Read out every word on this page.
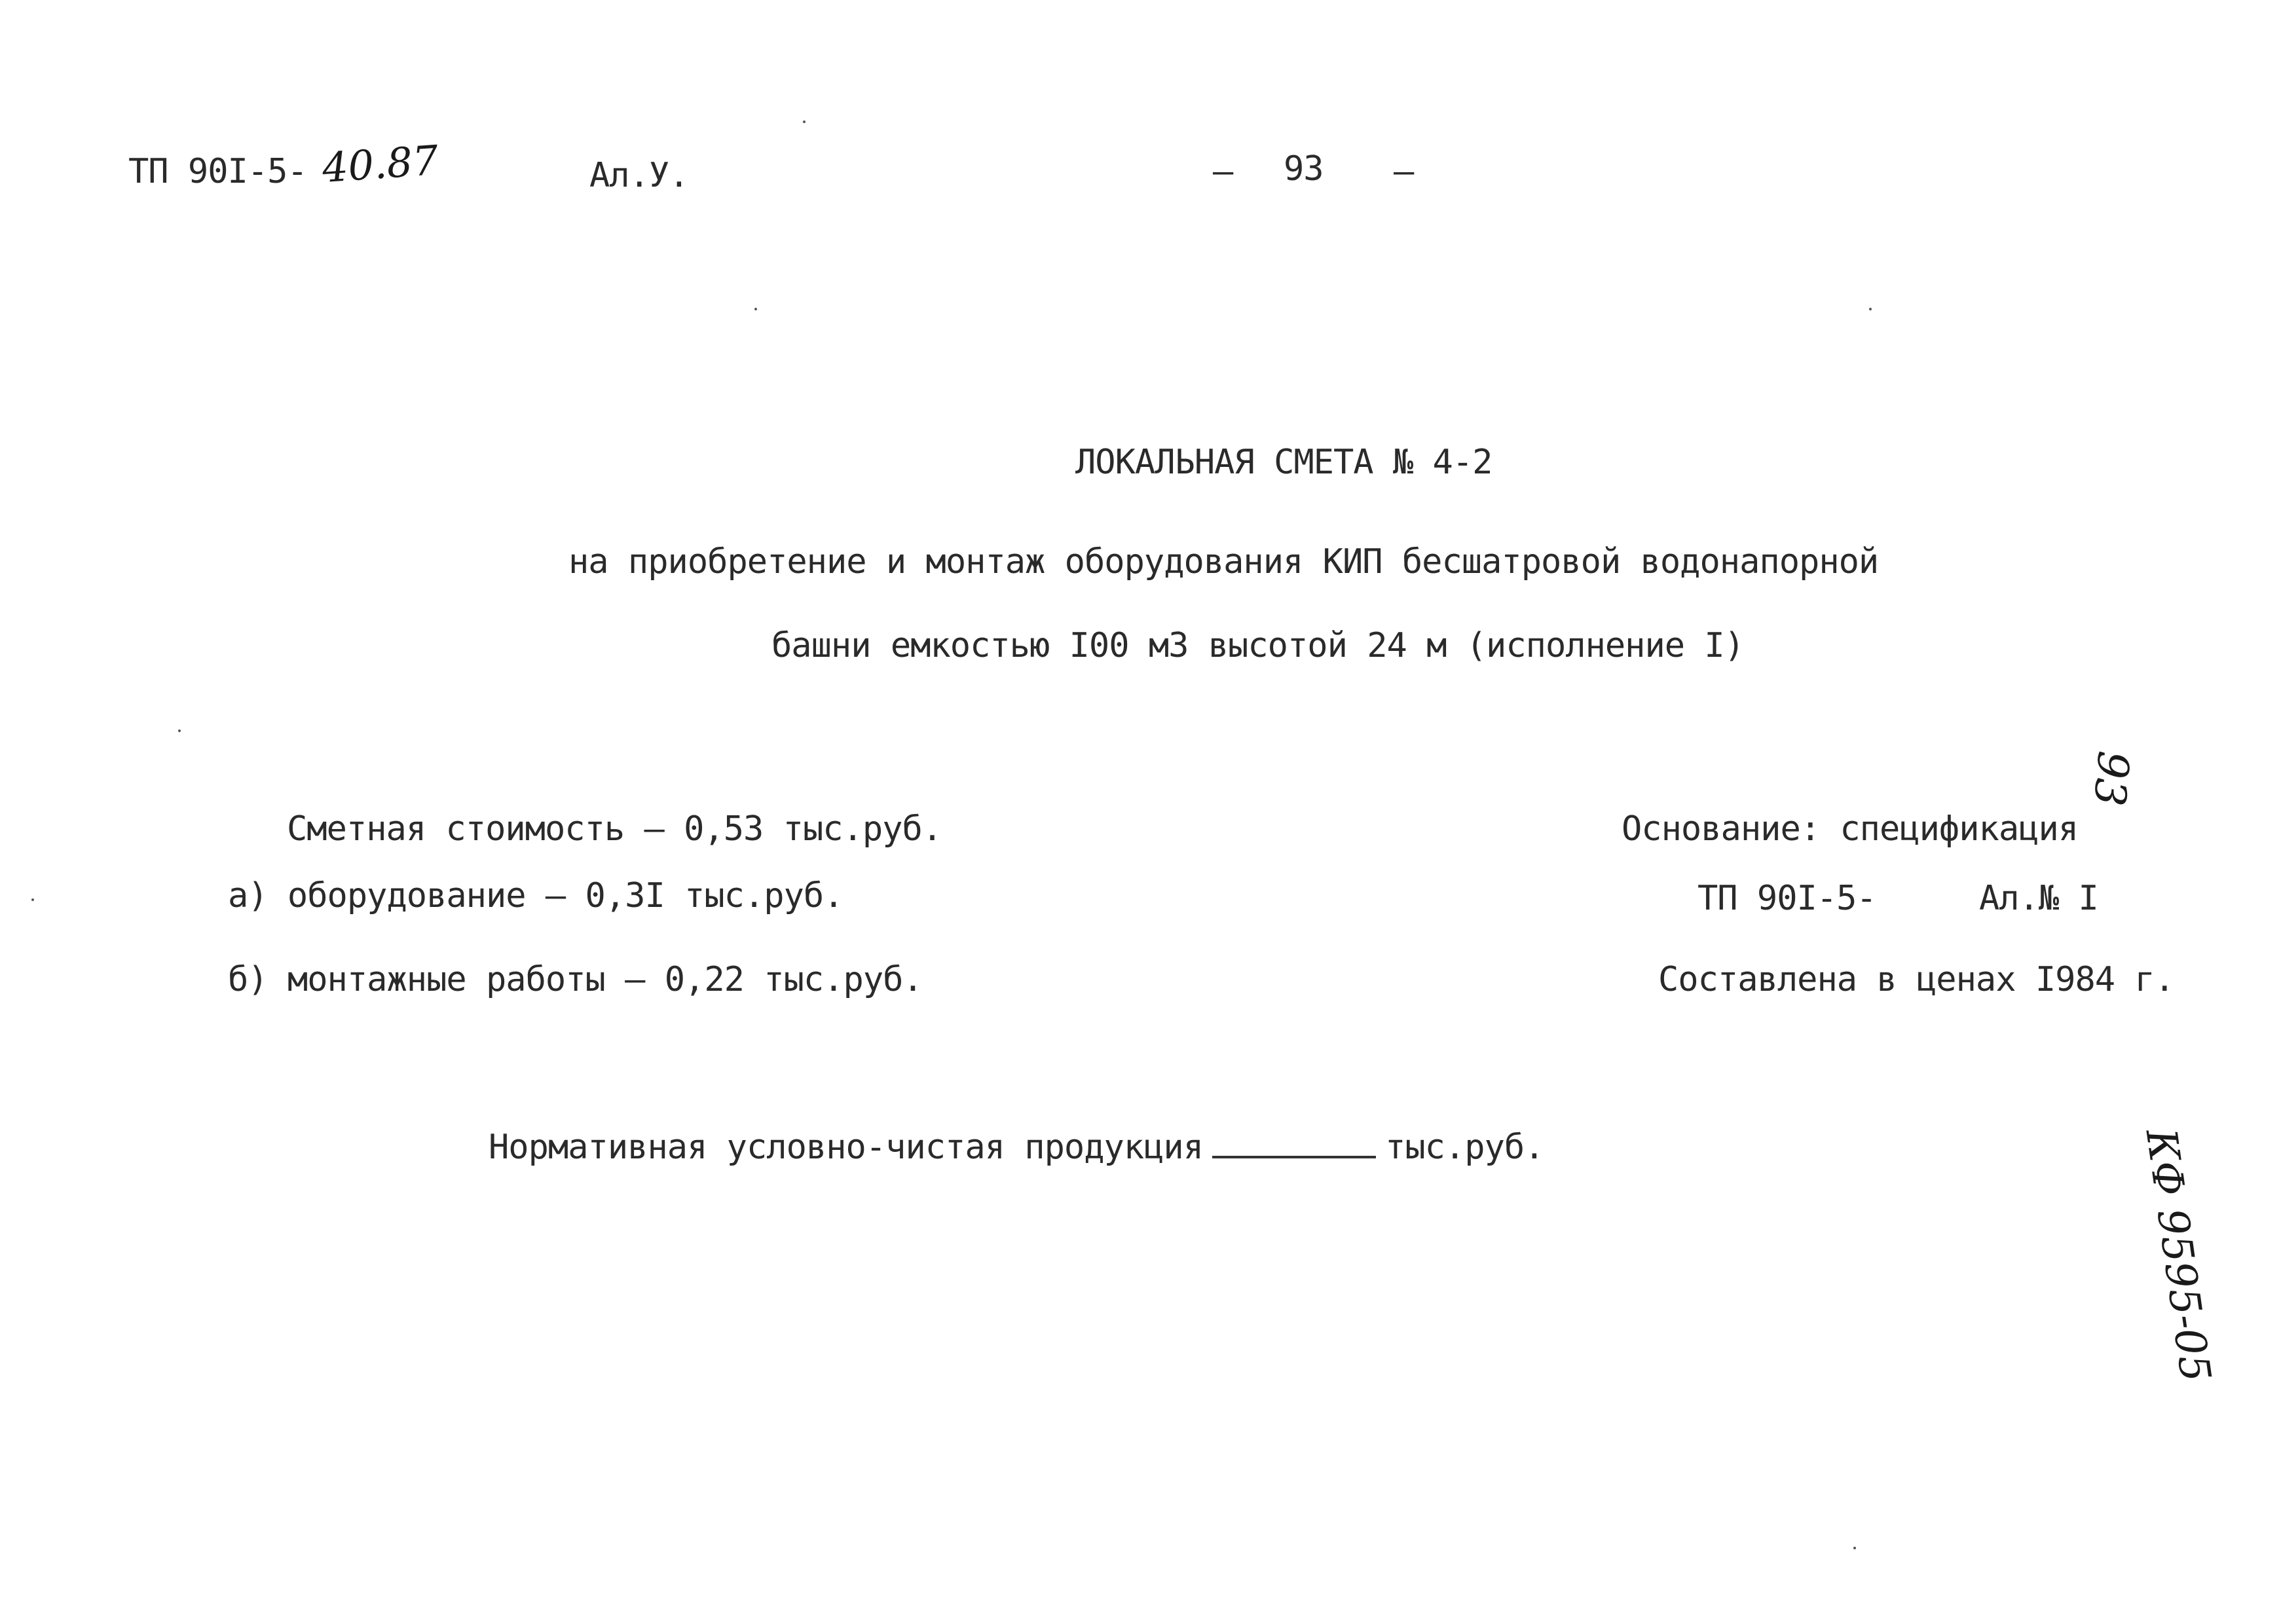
ТП 90І-5- 40.87	Ал.У.	– 93 –
ЛОКАЛЬНАЯ СМЕТА № 4-2
на приобретение и монтаж оборудования КИП бесшатровой водонапорной
башни емкостью І00 м3 высотой 24 м (исполнение І)
Сметная стоимость – 0,53 тыс.руб.
а) оборудование – 0,3І тыс.руб.
б) монтажные работы – 0,22 тыс.руб.
Основание: спецификация
ТП 90І-5-	Ал.№ І
Составлена в ценах І984 г.
Нормативная условно-чистая продукция	тыс.руб.
93
КФ 9595-05
